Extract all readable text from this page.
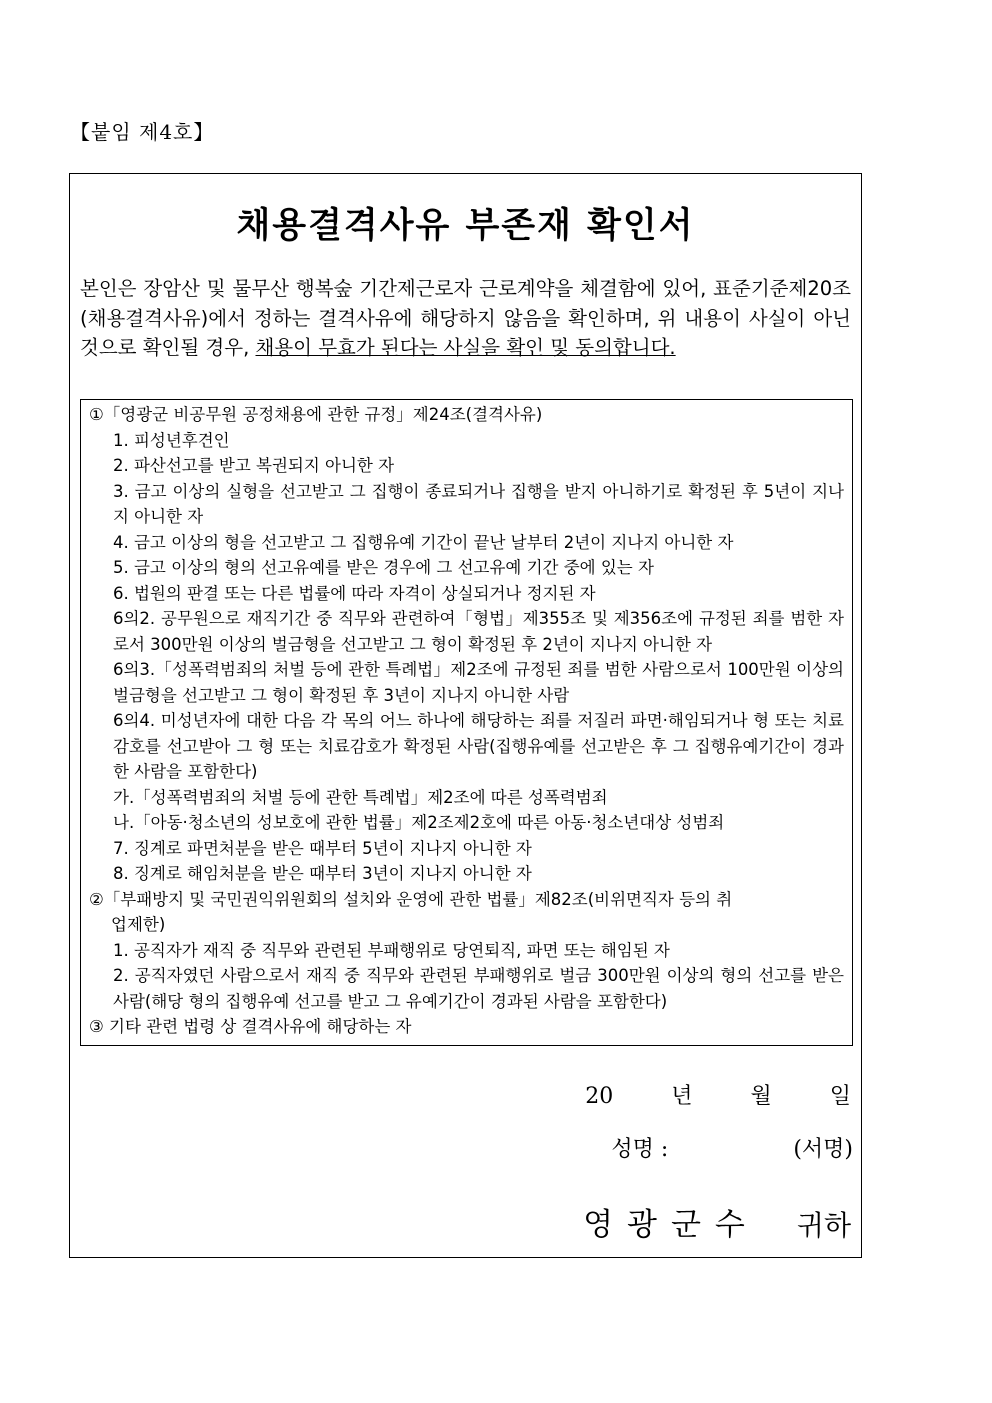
【붙임 제4호】
채용결격사유 부존재 확인서
본인은 장암산 및 물무산 행복숲 기간제근로자 근로계약을 체결함에 있어, 표준기준제20조(채용결격사유)에서 정하는 결격사유에 해당하지 않음을 확인하며, 위 내용이 사실이 아닌 것으로 확인될 경우, 채용이 무효가 된다는 사실을 확인 및 동의합니다.

①「영광군 비공무원 공정채용에 관한 규정」제24조(결격사유)

1. 피성년후견인

2. 파산선고를 받고 복권되지 아니한 자

3. 금고 이상의 실형을 선고받고 그 집행이 종료되거나 집행을 받지 아니하기로 확정된 후 5년이 지나지 아니한 자

4. 금고 이상의 형을 선고받고 그 집행유예 기간이 끝난 날부터 2년이 지나지 아니한 자

5. 금고 이상의 형의 선고유예를 받은 경우에 그 선고유예 기간 중에 있는 자

6. 법원의 판결 또는 다른 법률에 따라 자격이 상실되거나 정지된 자

6의2. 공무원으로 재직기간 중 직무와 관련하여「형법」제355조 및 제356조에 규정된 죄를 범한 자로서 300만원 이상의 벌금형을 선고받고 그 형이 확정된 후 2년이 지나지 아니한 자

6의3.「성폭력범죄의 처벌 등에 관한 특례법」제2조에 규정된 죄를 범한 사람으로서 100만원 이상의 벌금형을 선고받고 그 형이 확정된 후 3년이 지나지 아니한 사람

6의4. 미성년자에 대한 다음 각 목의 어느 하나에 해당하는 죄를 저질러 파면·해임되거나 형 또는 치료감호를 선고받아 그 형 또는 치료감호가 확정된 사람(집행유예를 선고받은 후 그 집행유예기간이 경과한 사람을 포함한다)

가.「성폭력범죄의 처벌 등에 관한 특례법」제2조에 따른 성폭력범죄

나.「아동·청소년의 성보호에 관한 법률」제2조제2호에 따른 아동·청소년대상 성범죄

7. 징계로 파면처분을 받은 때부터 5년이 지나지 아니한 자

8. 징계로 해임처분을 받은 때부터 3년이 지나지 아니한 자

②「부패방지 및 국민권익위원회의 설치와 운영에 관한 법률」제82조(비위면직자 등의 취

업제한)

1. 공직자가 재직 중 직무와 관련된 부패행위로 당연퇴직, 파면 또는 해임된 자

2. 공직자였던 사람으로서 재직 중 직무와 관련된 부패행위로 벌금 300만원 이상의 형의 선고를 받은 사람(해당 형의 집행유예 선고를 받고 그 유예기간이 경과된 사람을 포함한다)

③ 기타 관련 법령 상 결격사유에 해당하는 자

20	년	월	일
성명 :	(서명)
영광군수 귀하
